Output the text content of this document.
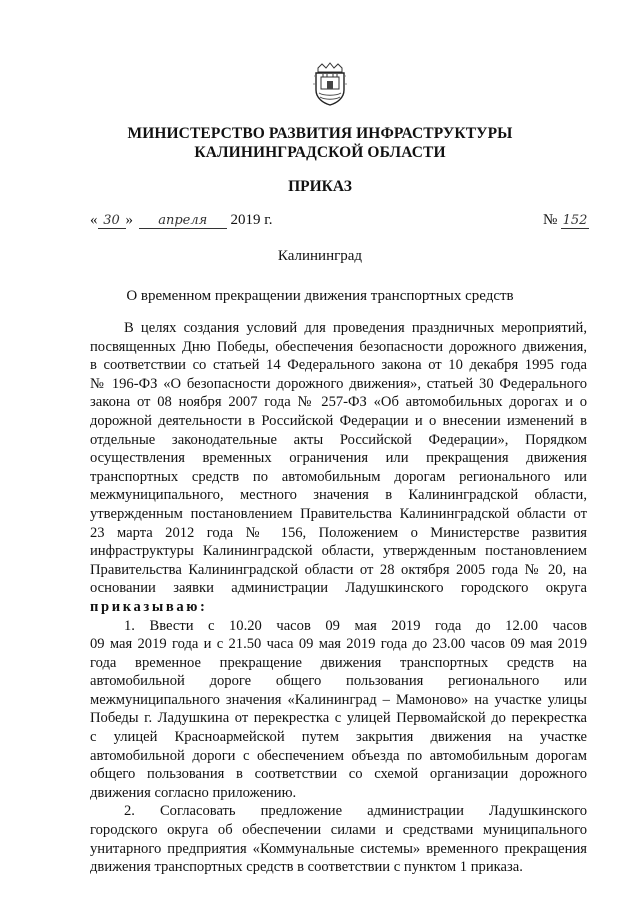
МИНИСТЕРСТВО РАЗВИТИЯ ИНФРАСТРУКТУРЫ
КАЛИНИНГРАДСКОЙ ОБЛАСТИ
ПРИКАЗ
« 30 » апреля 2019 г.	№ 152
Калининград
О временном прекращении движения транспортных средств
В целях создания условий для проведения праздничных мероприятий,
посвященных Дню Победы, обеспечения безопасности дорожного движения,
в соответствии со статьей 14 Федерального закона от 10 декабря 1995 года
№ 196-ФЗ «О безопасности дорожного движения», статьей 30 Федерального
закона от 08 ноября 2007 года № 257-ФЗ «Об автомобильных дорогах и о
дорожной деятельности в Российской Федерации и о внесении изменений в
отдельные законодательные акты Российской Федерации», Порядком
осуществления временных ограничения или прекращения движения
транспортных средств по автомобильным дорогам регионального или
межмуниципального, местного значения в Калининградской области,
утвержденным постановлением Правительства Калининградской области от
23 марта 2012 года № 156, Положением о Министерстве развития
инфраструктуры Калининградской области, утвержденным постановлением
Правительства Калининградской области от 28 октября 2005 года № 20, на
основании заявки администрации Ладушкинского городского округа
приказываю:
1. Ввести с 10.20 часов 09 мая 2019 года до 12.00 часов
09 мая 2019 года и с 21.50 часа 09 мая 2019 года до 23.00 часов 09 мая 2019
года временное прекращение движения транспортных средств на
автомобильной дороге общего пользования регионального или
межмуниципального значения «Калининград – Мамоново» на участке улицы
Победы г. Ладушкина от перекрестка с улицей Первомайской до перекрестка
с улицей Красноармейской путем закрытия движения на участке
автомобильной дороги с обеспечением объезда по автомобильным дорогам
общего пользования в соответствии со схемой организации дорожного
движения согласно приложению.
2. Согласовать предложение администрации Ладушкинского
городского округа об обеспечении силами и средствами муниципального
унитарного предприятия «Коммунальные системы» временного прекращения
движения транспортных средств в соответствии с пунктом 1 приказа.
